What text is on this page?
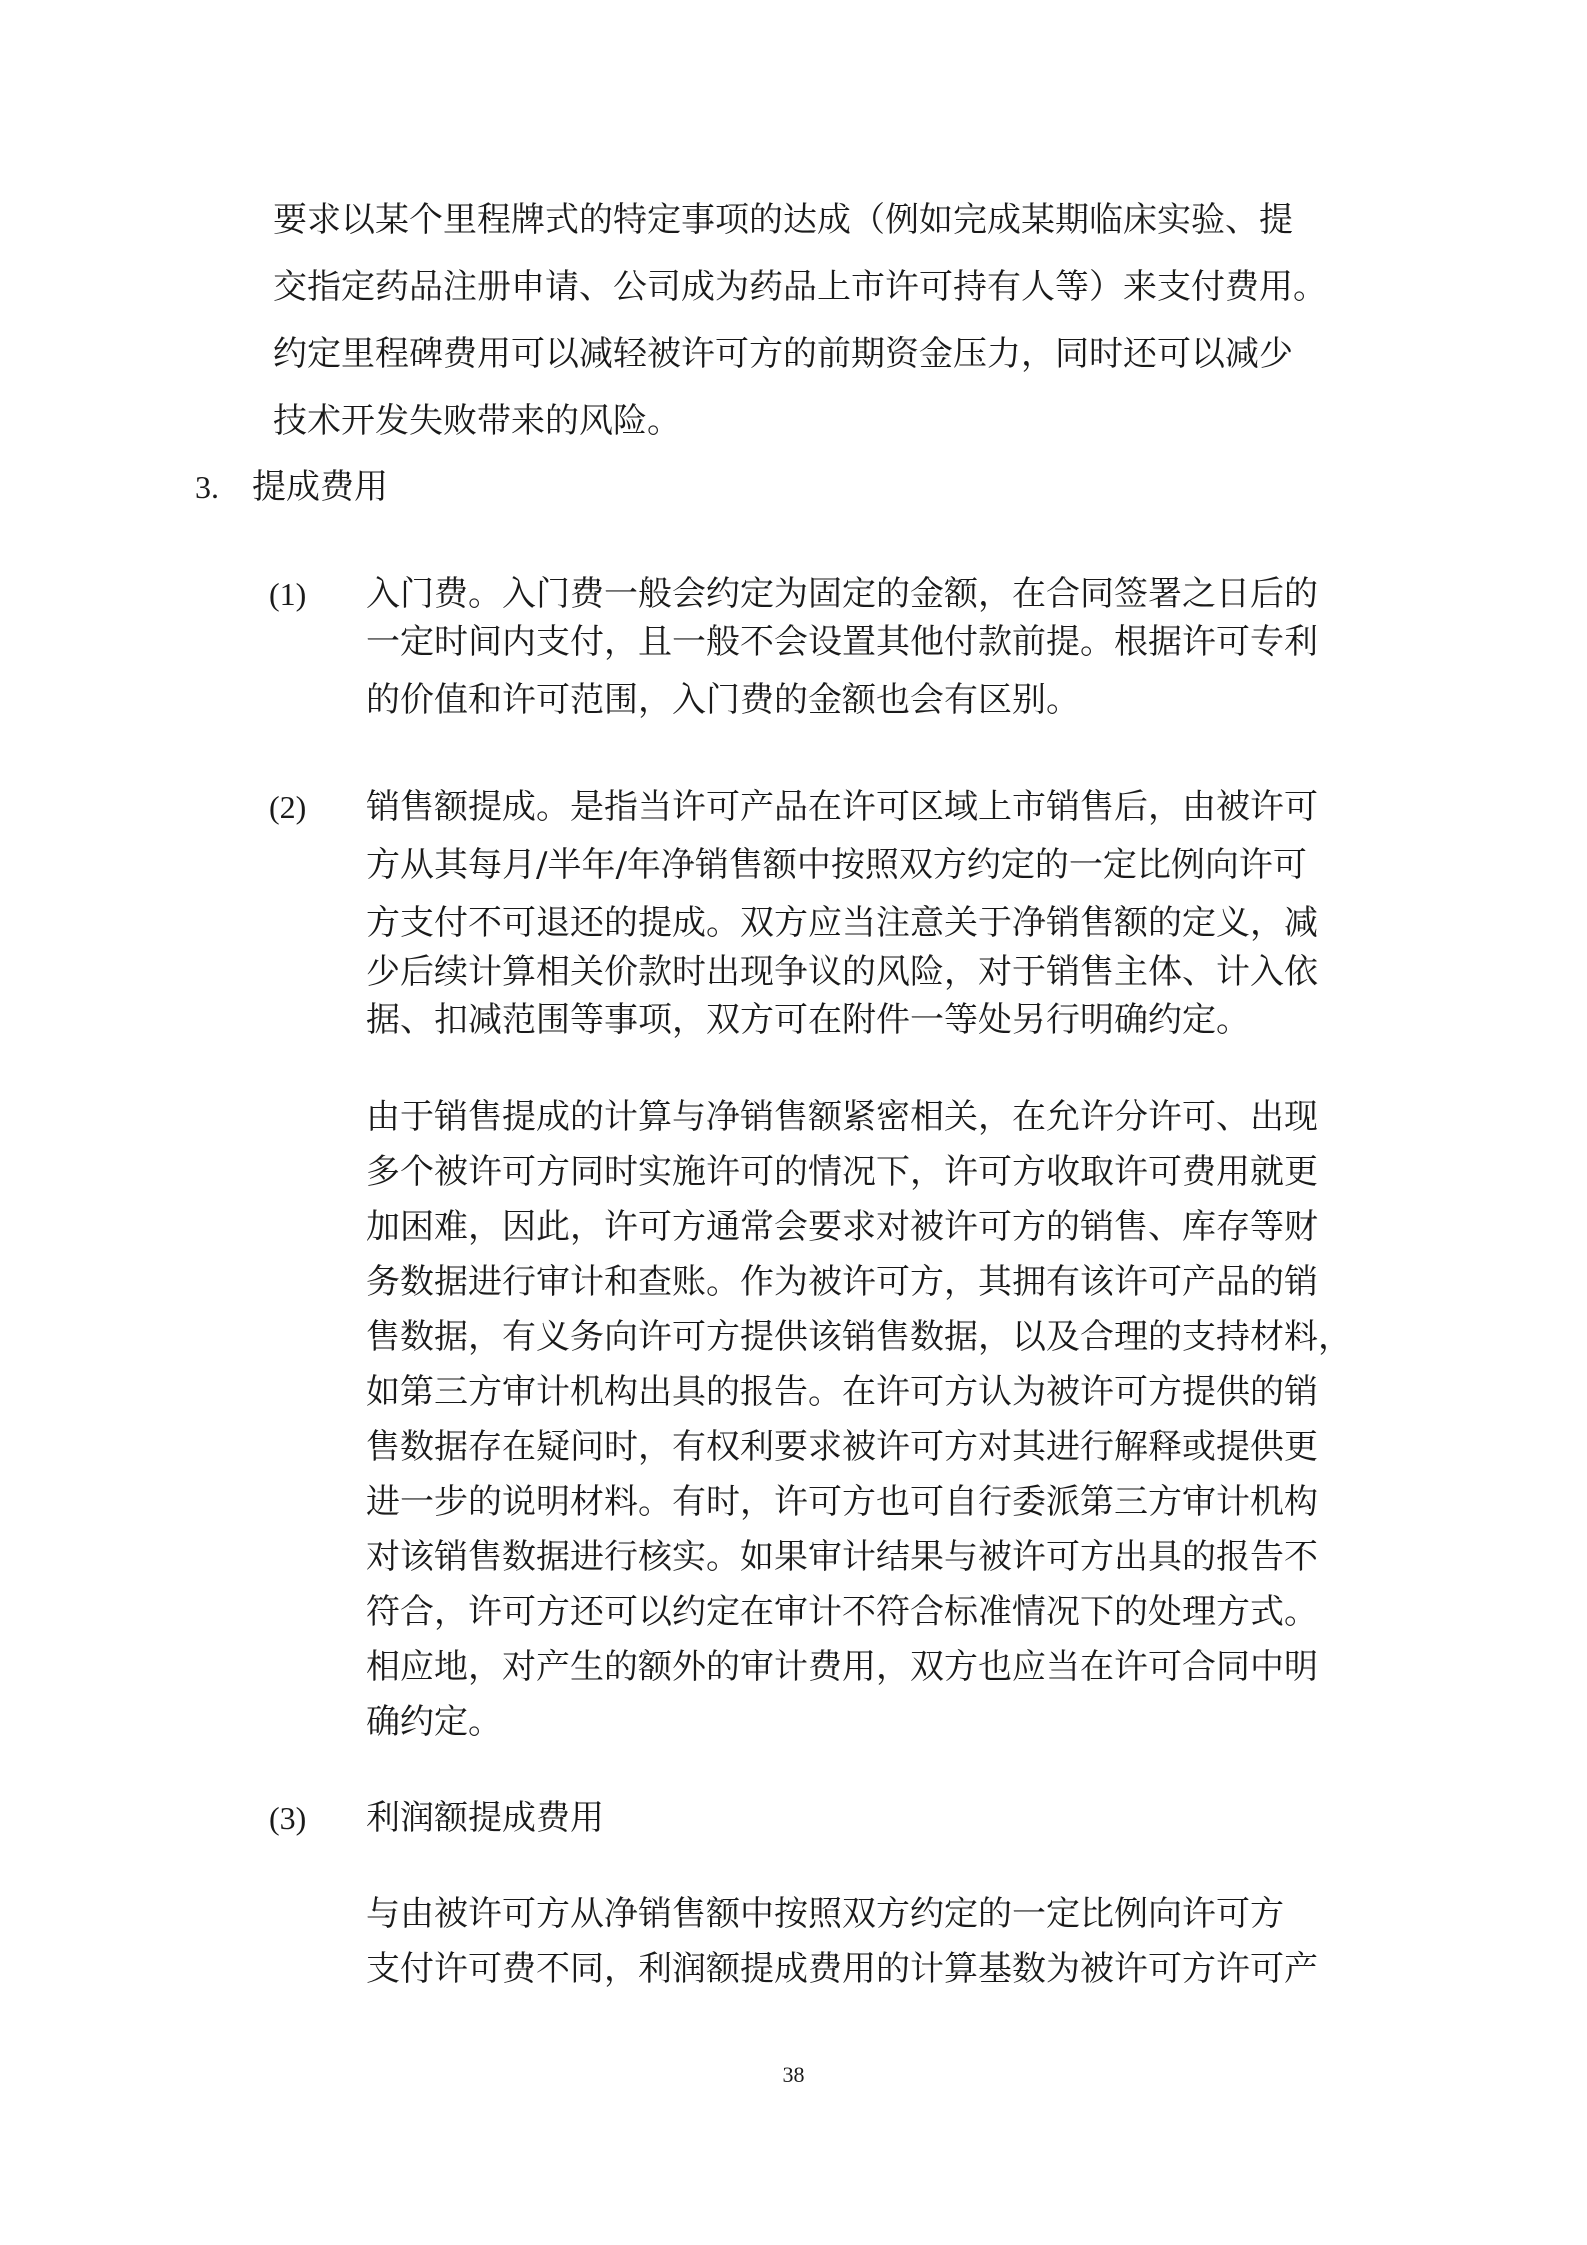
要求以某个里程牌式的特定事项的达成（例如完成某期临床实验、提
交指定药品注册申请、公司成为药品上市许可持有人等）来支付费用。
约定里程碑费用可以减轻被许可方的前期资金压力，同时还可以减少
技术开发失败带来的风险。
3. 提成费用
(1) 入门费。入门费一般会约定为固定的金额，在合同签署之日后的
一定时间内支付，且一般不会设置其他付款前提。根据许可专利
的价值和许可范围，入门费的金额也会有区别。
(2) 销售额提成。是指当许可产品在许可区域上市销售后，由被许可
方从其每月/半年/年净销售额中按照双方约定的一定比例向许可
方支付不可退还的提成。双方应当注意关于净销售额的定义，减
少后续计算相关价款时出现争议的风险，对于销售主体、计入依
据、扣减范围等事项，双方可在附件一等处另行明确约定。
由于销售提成的计算与净销售额紧密相关，在允许分许可、出现
多个被许可方同时实施许可的情况下，许可方收取许可费用就更
加困难，因此，许可方通常会要求对被许可方的销售、库存等财
务数据进行审计和查账。作为被许可方，其拥有该许可产品的销
售数据，有义务向许可方提供该销售数据，以及合理的支持材料，
如第三方审计机构出具的报告。在许可方认为被许可方提供的销
售数据存在疑问时，有权利要求被许可方对其进行解释或提供更
进一步的说明材料。有时，许可方也可自行委派第三方审计机构
对该销售数据进行核实。如果审计结果与被许可方出具的报告不
符合，许可方还可以约定在审计不符合标准情况下的处理方式。
相应地，对产生的额外的审计费用，双方也应当在许可合同中明
确约定。
(3) 利润额提成费用
与由被许可方从净销售额中按照双方约定的一定比例向许可方
支付许可费不同，利润额提成费用的计算基数为被许可方许可产
38
